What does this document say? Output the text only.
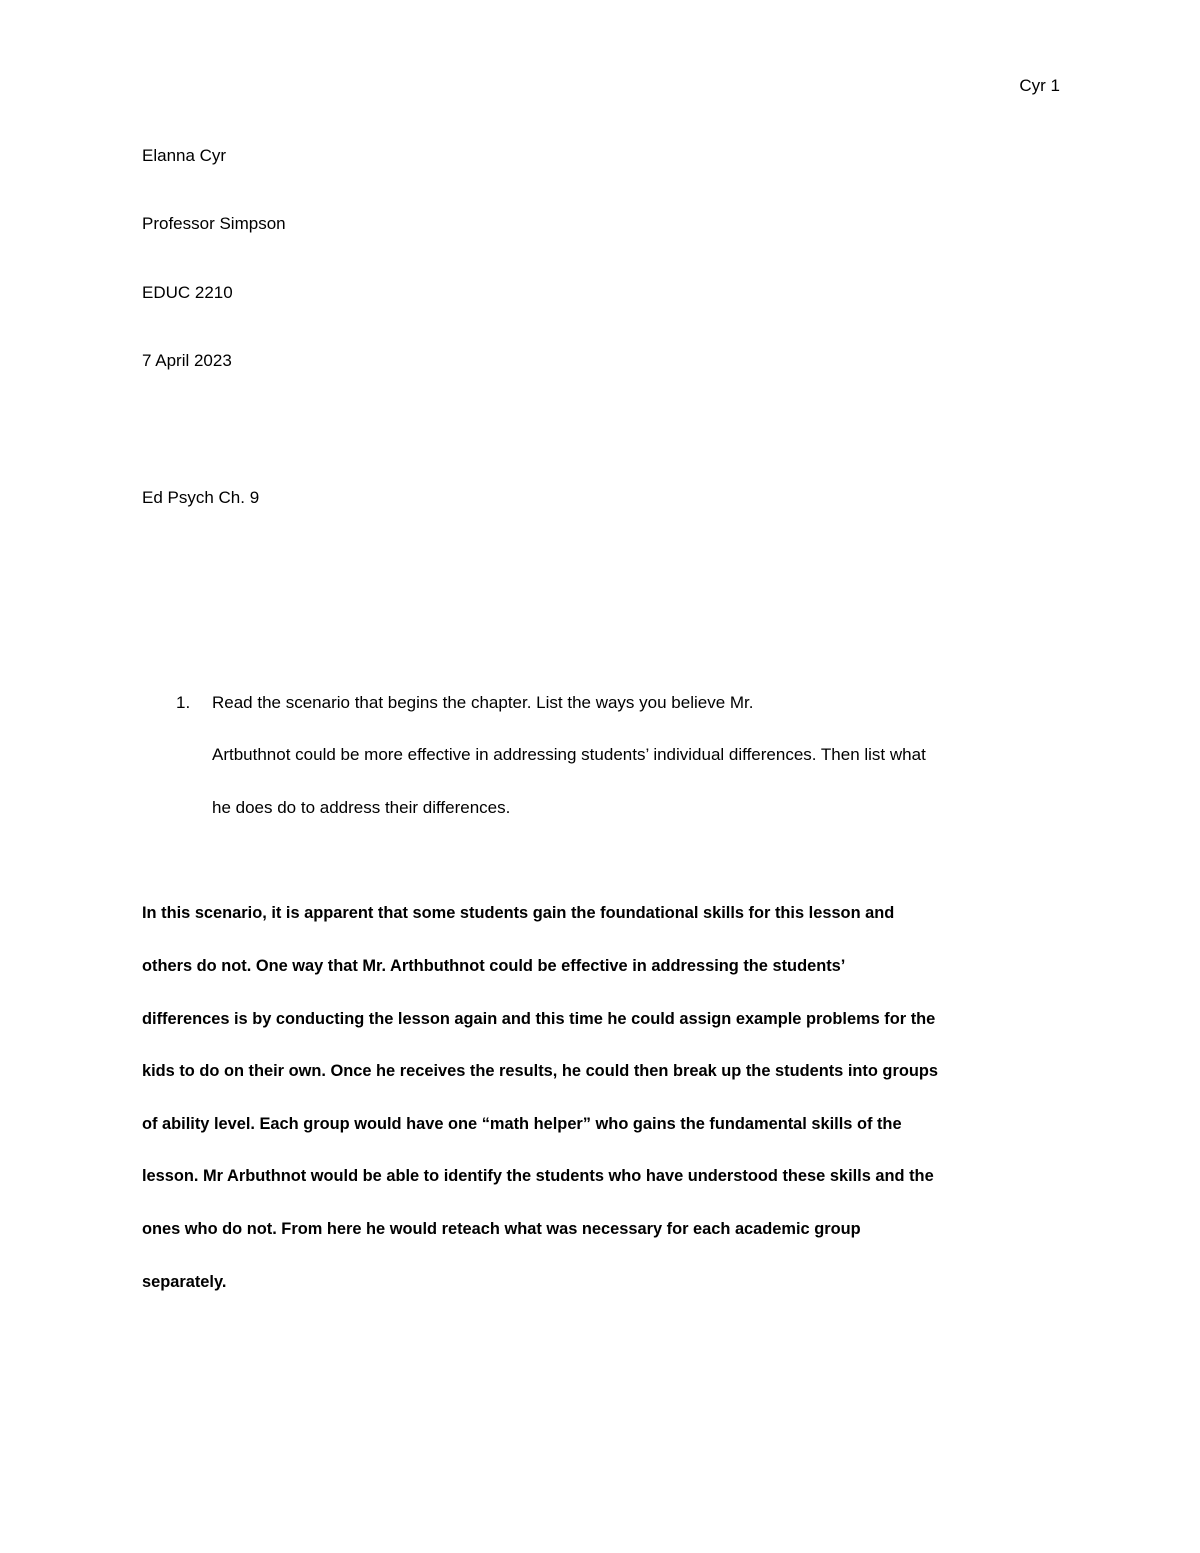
Cyr 1
Elanna Cyr
Professor Simpson
EDUC 2210
7 April 2023
Ed Psych Ch. 9
1. Read the scenario that begins the chapter. List the ways you believe Mr.
Artbuthnot could be more effective in addressing students’ individual differences. Then list what
he does do to address their differences.
In this scenario, it is apparent that some students gain the foundational skills for this lesson and
others do not. One way that Mr. Arthbuthnot could be effective in addressing the students’
differences is by conducting the lesson again and this time he could assign example problems for the
kids to do on their own. Once he receives the results, he could then break up the students into groups
of ability level. Each group would have one “math helper” who gains the fundamental skills of the
lesson. Mr Arbuthnot would be able to identify the students who have understood these skills and the
ones who do not. From here he would reteach what was necessary for each academic group
separately.
